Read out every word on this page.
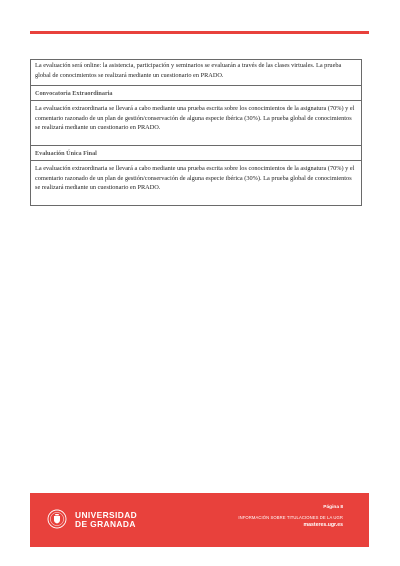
La evaluación será online: la asistencia, participación y seminarios se evaluarán a través de las clases virtuales. La prueba global de conocimientos se realizará mediante un cuestionario en PRADO.
Convocatoria Extraordinaria
La evaluación extraordinaria se llevará a cabo mediante una prueba escrita sobre los conocimientos de la asignatura (70%) y el comentario razonado de un plan de gestión/conservación de alguna especie ibérica (30%). La prueba global de conocimientos se realizará mediante un cuestionario en PRADO.
Evaluación Única Final
La evaluación extraordinaria se llevará a cabo mediante una prueba escrita sobre los conocimientos de la asignatura (70%) y el comentario razonado de un plan de gestión/conservación de alguna especie ibérica (30%). La prueba global de conocimientos se realizará mediante un cuestionario en PRADO.
UNIVERSIDAD
DE GRANADA
Página 8
INFORMACIÓN SOBRE TITULACIONES DE LA UGR
masteres.ugr.es
